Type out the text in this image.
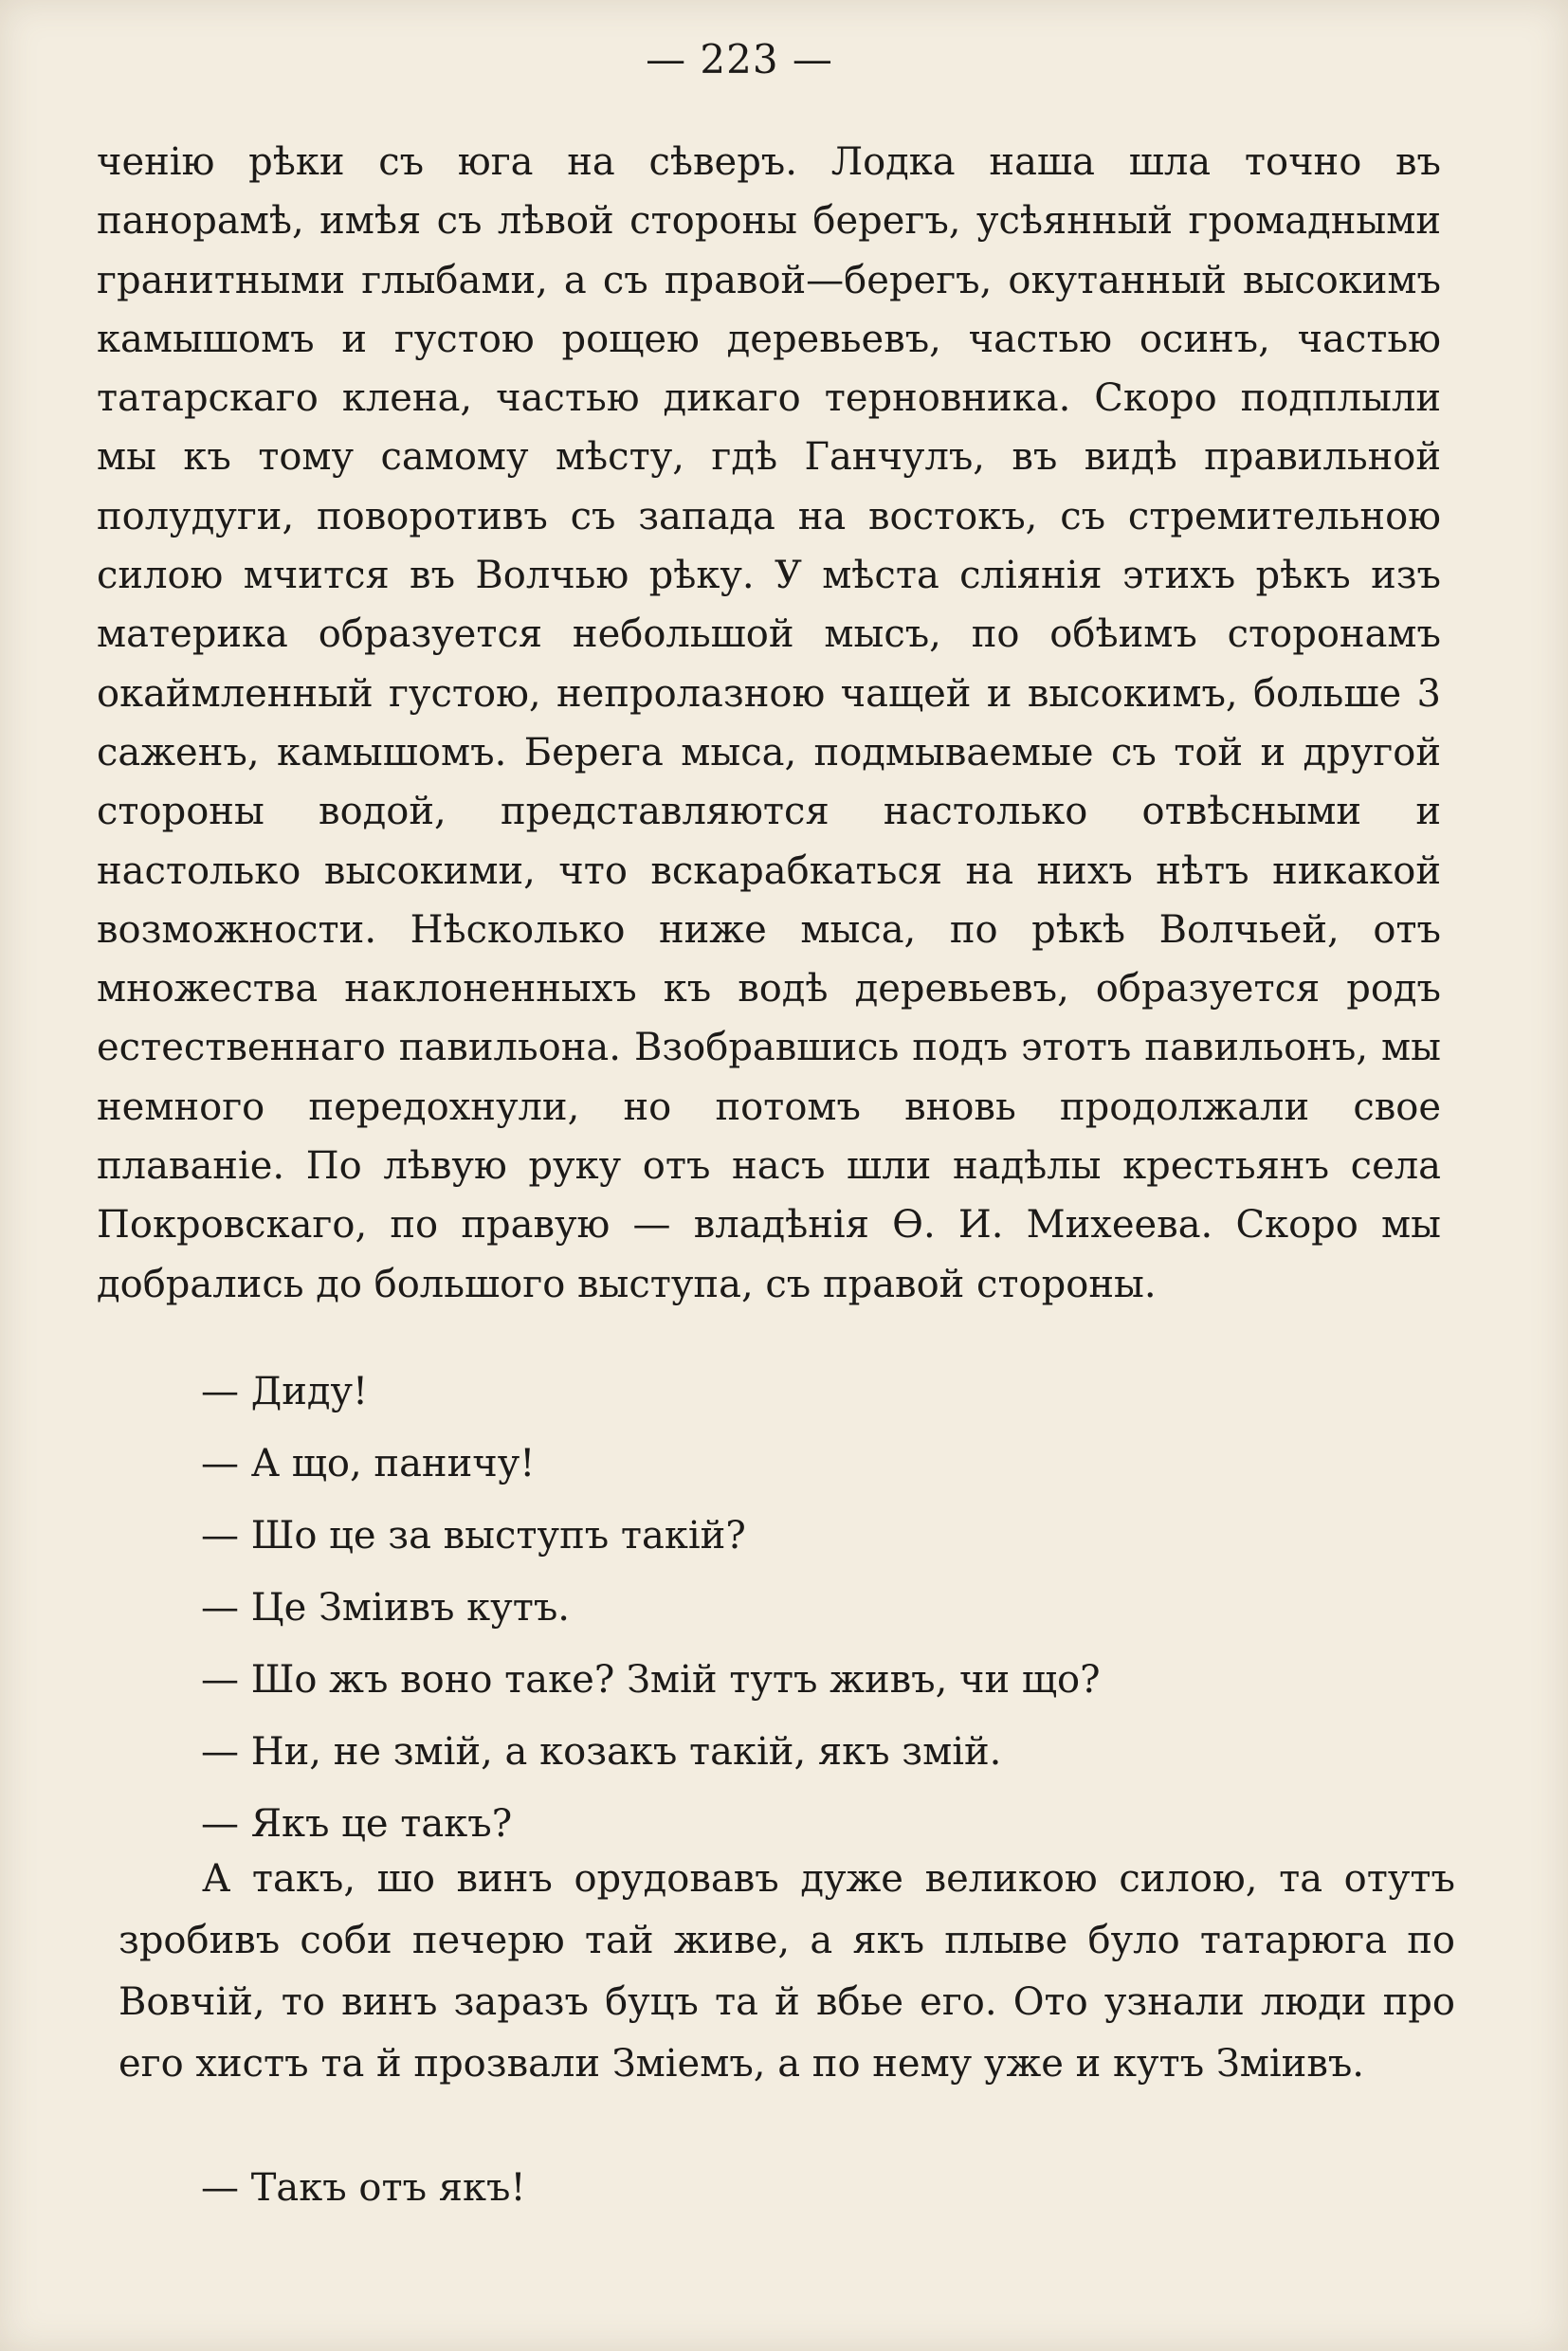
— 223 —
ченію рѣки съ юга на сѣверъ. Лодка наша шла точно въ панорамѣ, имѣя съ лѣвой стороны берегъ, усѣянный громадными гранитными глыбами, а съ правой—берегъ, окутанный высокимъ камышомъ и густою рощею деревьевъ, частью осинъ, частью татарскаго клена, частью дикаго терновника. Скоро подплыли мы къ тому самому мѣсту, гдѣ Ганчулъ, въ видѣ правильной полудуги, поворотивъ съ запада на востокъ, съ стремительною силою мчится въ Волчью рѣку. У мѣста сліянія этихъ рѣкъ изъ материка образуется небольшой мысъ, по обѣимъ сторонамъ окаймленный густою, непролазною чащей и высокимъ, больше 3 саженъ, камышомъ. Берега мыса, подмываемые съ той и другой стороны водой, представляются настолько отвѣсными и настолько высокими, что вскарабкаться на нихъ нѣтъ никакой возможности. Нѣсколько ниже мыса, по рѣкѣ Волчьей, отъ множества наклоненныхъ къ водѣ деревьевъ, образуется родъ естественнаго павильона. Взобравшись подъ этотъ павильонъ, мы немного передохнули, но потомъ вновь продолжали свое плаваніе. По лѣвую руку отъ насъ шли надѣлы крестьянъ села Покровскаго, по правую — владѣнія Ѳ. И. Михеева. Скоро мы добрались до большого выступа, съ правой стороны.
— Диду!
— А що, паничу!
— Шо це за выступъ такій?
— Це Змiивъ кутъ.
— Шо жъ воно таке? Змій тутъ живъ, чи що?
— Ни, не змій, а козакъ такій, якъ змій.
— Якъ це такъ?
А такъ, шо винъ орудовавъ дуже великою силою, та отутъ зробивъ соби печерю тай живе, а якъ плыве було татарюга по Вовчій, то винъ заразъ буцъ та й вбье его. Ото узнали люди про его хистъ та й прозвали Змiемъ, а по нему уже и кутъ Змiивъ.
— Такъ отъ якъ!
